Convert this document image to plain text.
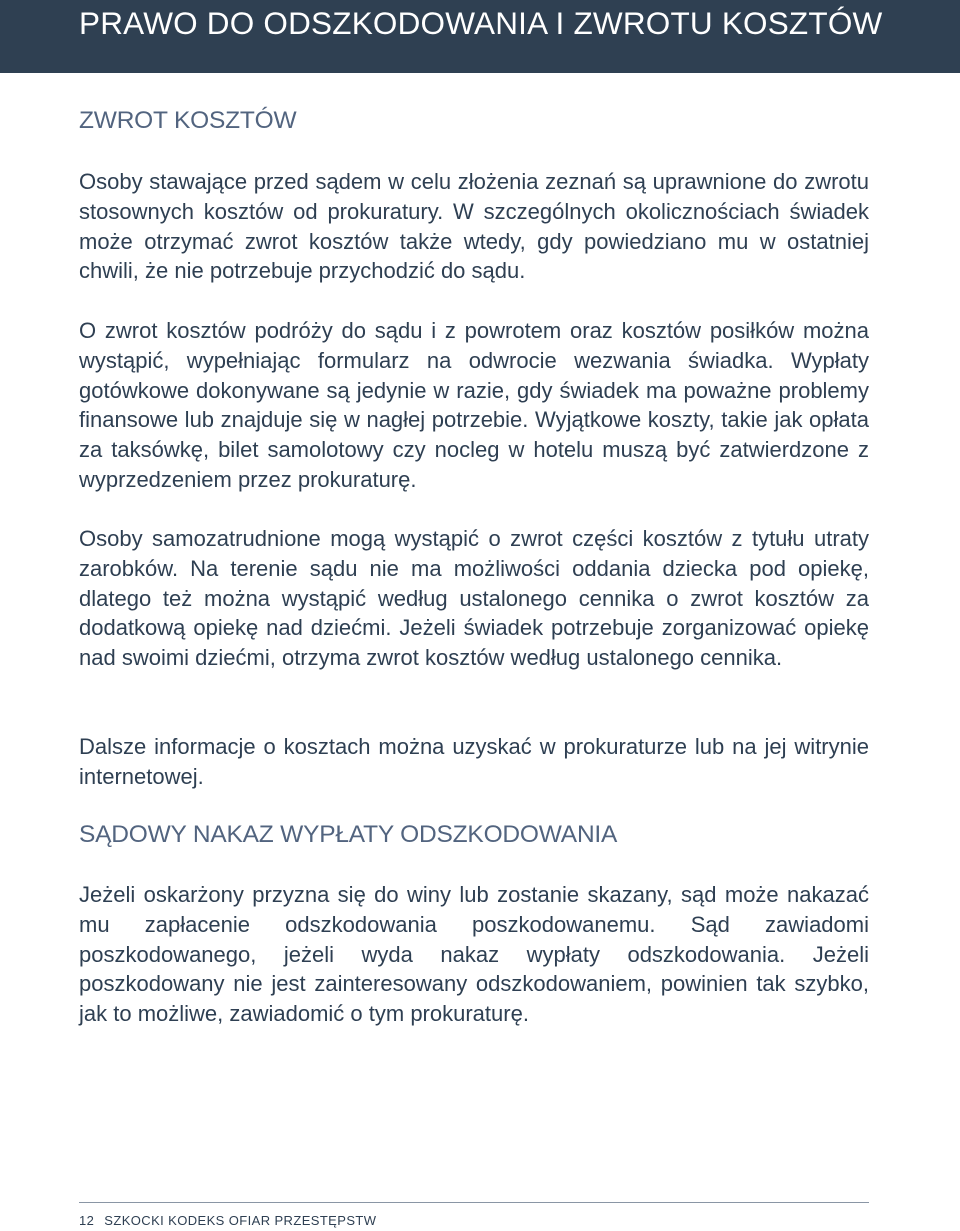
PRAWO DO ODSZKODOWANIA I ZWROTU KOSZTÓW
ZWROT KOSZTÓW
Osoby stawające przed sądem w celu złożenia zeznań są uprawnione do zwrotu stosownych kosztów od prokuratury. W szczególnych okolicznościach świadek może otrzymać zwrot kosztów także wtedy, gdy powiedziano mu w ostatniej chwili, że nie potrzebuje przychodzić do sądu.
O zwrot kosztów podróży do sądu i z powrotem oraz kosztów posiłków można wystąpić, wypełniając formularz na odwrocie wezwania świadka. Wypłaty gotówkowe dokonywane są jedynie w razie, gdy świadek ma poważne problemy finansowe lub znajduje się w nagłej potrzebie. Wyjątkowe koszty, takie jak opłata za taksówkę, bilet samolotowy czy nocleg w hotelu muszą być zatwierdzone z wyprzedzeniem przez prokuraturę.
Osoby samozatrudnione mogą wystąpić o zwrot części kosztów z tytułu utraty zarobków. Na terenie sądu nie ma możliwości oddania dziecka pod opiekę, dlatego też można wystąpić według ustalonego cennika o zwrot kosztów za dodatkową opiekę nad dziećmi. Jeżeli świadek potrzebuje zorganizować opiekę nad swoimi dziećmi, otrzyma zwrot kosztów według ustalonego cennika.
Dalsze informacje o kosztach można uzyskać w prokuraturze lub na jej witrynie internetowej.
SĄDOWY NAKAZ WYPŁATY ODSZKODOWANIA
Jeżeli oskarżony przyzna się do winy lub zostanie skazany, sąd może nakazać mu zapłacenie odszkodowania poszkodowanemu. Sąd zawiadomi poszkodowanego, jeżeli wyda nakaz wypłaty odszkodowania. Jeżeli poszkodowany nie jest zainteresowany odszkodowaniem, powinien tak szybko, jak to możliwe, zawiadomić o tym prokuraturę.
12 SZKOCKI KODEKS OFIAR PRZESTĘPSTW
